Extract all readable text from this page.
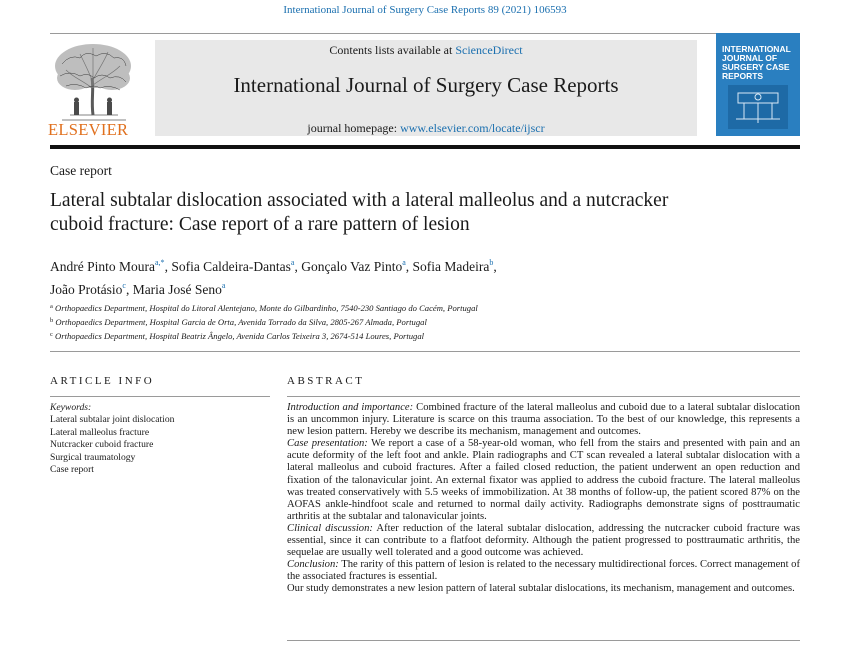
International Journal of Surgery Case Reports 89 (2021) 106593
ELSEVIER
Contents lists available at ScienceDirect
International Journal of Surgery Case Reports
journal homepage: www.elsevier.com/locate/ijscr
INTERNATIONAL JOURNAL OF SURGERY CASE REPORTS
Case report
Lateral subtalar dislocation associated with a lateral malleolus and a nutcracker cuboid fracture: Case report of a rare pattern of lesion
André Pinto Moura$^{a,*}$, Sofia Caldeira-Dantas$^a$, Gonçalo Vaz Pinto$^a$, Sofia Madeira$^b$,
João Protásio$^c$, Maria José Seno$^a$
$^a$ Orthopaedics Department, Hospital do Litoral Alentejano, Monte do Gilbardinho, 7540-230 Santiago do Cacém, Portugal
$^b$ Orthopaedics Department, Hospital Garcia de Orta, Avenida Torrado da Silva, 2805-267 Almada, Portugal
$^c$ Orthopaedics Department, Hospital Beatriz Ângelo, Avenida Carlos Teixeira 3, 2674-514 Loures, Portugal
ARTICLE INFO
Keywords:
Lateral subtalar joint dislocation
Lateral malleolus fracture
Nutcracker cuboid fracture
Surgical traumatology
Case report
ABSTRACT

Introduction and importance: Combined fracture of the lateral malleolus and cuboid due to a lateral subtalar dislocation is an uncommon injury. Literature is scarce on this trauma association. To the best of our knowledge, this represents a new lesion pattern. Hereby we describe its mechanism, management and outcomes.

Case presentation: We report a case of a 58-year-old woman, who fell from the stairs and presented with pain and an acute deformity of the left foot and ankle. Plain radiographs and CT scan revealed a lateral subtalar dislocation with a lateral malleolus and cuboid fractures. After a failed closed reduction, the patient underwent an open reduction and fixation of the talonavicular joint. An external fixator was applied to address the cuboid fracture. The lateral malleolus was treated conservatively with 5.5 weeks of immobilization. At 38 months of follow-up, the patient scored 87% on the AOFAS ankle-hindfoot scale and returned to normal daily activity. Radiographs demonstrate signs of posttraumatic arthritis at the subtalar and talonavicular joints.

Clinical discussion: After reduction of the lateral subtalar dislocation, addressing the nutcracker cuboid fracture was essential, since it can contribute to a flatfoot deformity. Although the patient progressed to posttraumatic arthritis, the sequelae are usually well tolerated and a good outcome was achieved.

Conclusion: The rarity of this pattern of lesion is related to the necessary multidirectional forces. Correct management of the associated fractures is essential.

Our study demonstrates a new lesion pattern of lateral subtalar dislocations, its mechanism, management and outcomes.
